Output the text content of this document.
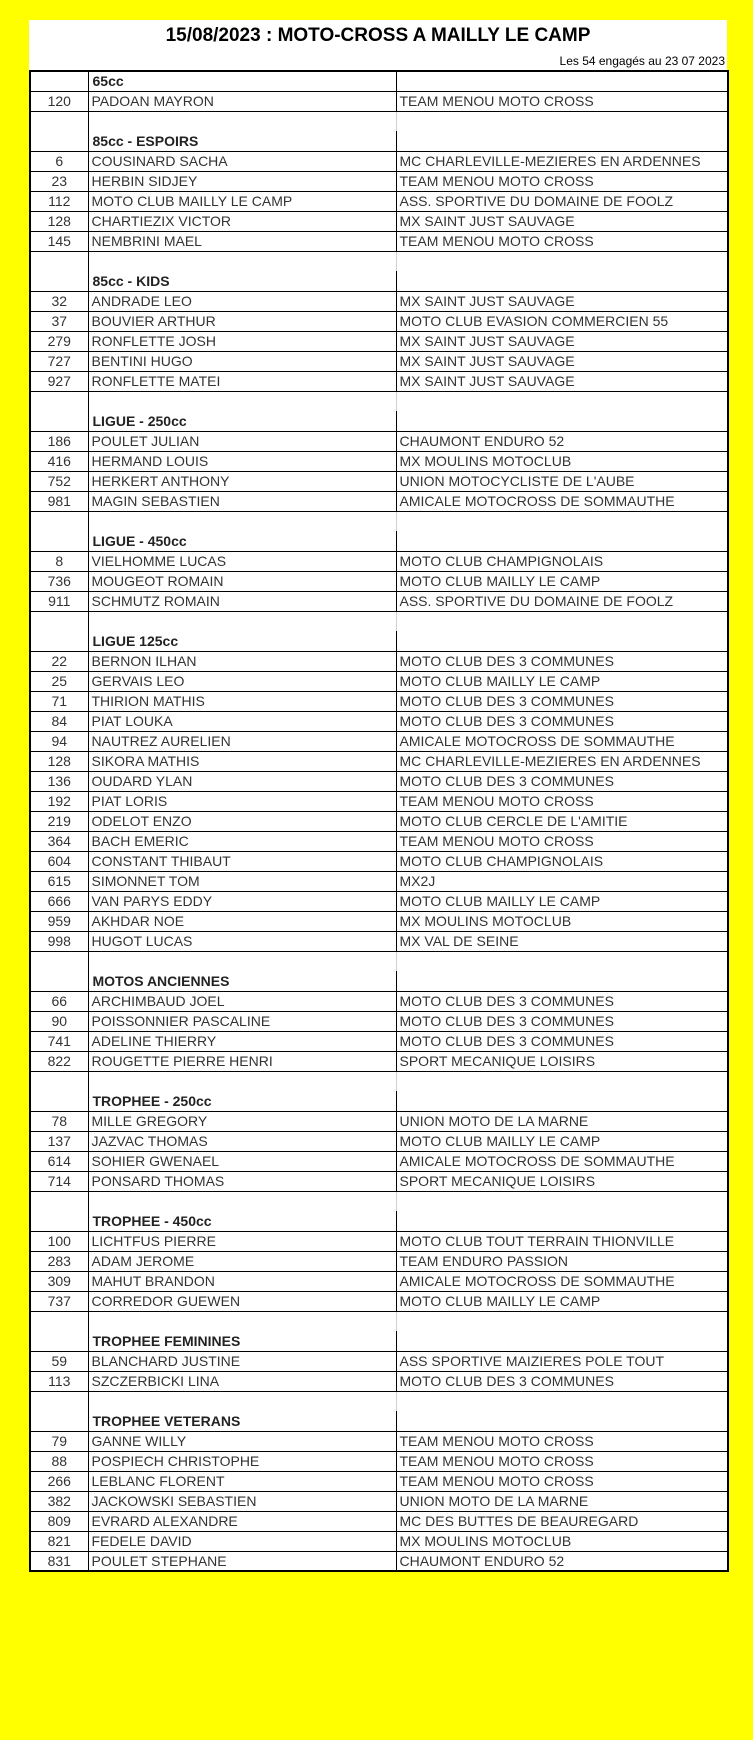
15/08/2023 : MOTO-CROSS A MAILLY LE CAMP
Les 54 engagés au 23 07 2023
	65cc	
120	PADOAN MAYRON	TEAM MENOU MOTO CROSS

	85cc - ESPOIRS	
6	COUSINARD SACHA	MC CHARLEVILLE-MEZIERES EN ARDENNES
23	HERBIN SIDJEY	TEAM MENOU MOTO CROSS
112	MOTO CLUB MAILLY LE CAMP	ASS. SPORTIVE DU DOMAINE DE FOOLZ
128	CHARTIEZIX VICTOR	MX SAINT JUST SAUVAGE
145	NEMBRINI MAEL	TEAM MENOU MOTO CROSS

	85cc - KIDS	
32	ANDRADE LEO	MX SAINT JUST SAUVAGE
37	BOUVIER ARTHUR	MOTO CLUB EVASION COMMERCIEN 55
279	RONFLETTE JOSH	MX SAINT JUST SAUVAGE
727	BENTINI HUGO	MX SAINT JUST SAUVAGE
927	RONFLETTE MATEI	MX SAINT JUST SAUVAGE

	LIGUE - 250cc	
186	POULET JULIAN	CHAUMONT ENDURO 52
416	HERMAND LOUIS	MX MOULINS MOTOCLUB
752	HERKERT ANTHONY	UNION MOTOCYCLISTE DE L'AUBE
981	MAGIN SEBASTIEN	AMICALE MOTOCROSS DE SOMMAUTHE

	LIGUE - 450cc	
8	VIELHOMME LUCAS	MOTO CLUB CHAMPIGNOLAIS
736	MOUGEOT ROMAIN	MOTO CLUB MAILLY LE CAMP
911	SCHMUTZ ROMAIN	ASS. SPORTIVE DU DOMAINE DE FOOLZ

	LIGUE 125cc	
22	BERNON ILHAN	MOTO CLUB DES 3 COMMUNES
25	GERVAIS LEO	MOTO CLUB MAILLY LE CAMP
71	THIRION MATHIS	MOTO CLUB DES 3 COMMUNES
84	PIAT LOUKA	MOTO CLUB DES 3 COMMUNES
94	NAUTREZ AURELIEN	AMICALE MOTOCROSS DE SOMMAUTHE
128	SIKORA MATHIS	MC CHARLEVILLE-MEZIERES EN ARDENNES
136	OUDARD YLAN	MOTO CLUB DES 3 COMMUNES
192	PIAT LORIS	TEAM MENOU MOTO CROSS
219	ODELOT ENZO	MOTO CLUB CERCLE DE L'AMITIE
364	BACH EMERIC	TEAM MENOU MOTO CROSS
604	CONSTANT THIBAUT	MOTO CLUB CHAMPIGNOLAIS
615	SIMONNET TOM	MX2J
666	VAN PARYS EDDY	MOTO CLUB MAILLY LE CAMP
959	AKHDAR NOE	MX MOULINS MOTOCLUB
998	HUGOT LUCAS	MX VAL DE SEINE

	MOTOS ANCIENNES	
66	ARCHIMBAUD JOEL	MOTO CLUB DES 3 COMMUNES
90	POISSONNIER PASCALINE	MOTO CLUB DES 3 COMMUNES
741	ADELINE THIERRY	MOTO CLUB DES 3 COMMUNES
822	ROUGETTE PIERRE HENRI	SPORT MECANIQUE LOISIRS

	TROPHEE - 250cc	
78	MILLE GREGORY	UNION MOTO DE LA MARNE
137	JAZVAC THOMAS	MOTO CLUB MAILLY LE CAMP
614	SOHIER GWENAEL	AMICALE MOTOCROSS DE SOMMAUTHE
714	PONSARD THOMAS	SPORT MECANIQUE LOISIRS

	TROPHEE - 450cc	
100	LICHTFUS PIERRE	MOTO CLUB TOUT TERRAIN THIONVILLE
283	ADAM JEROME	TEAM ENDURO PASSION
309	MAHUT BRANDON	AMICALE MOTOCROSS DE SOMMAUTHE
737	CORREDOR GUEWEN	MOTO CLUB MAILLY LE CAMP

	TROPHEE FEMININES	
59	BLANCHARD JUSTINE	ASS SPORTIVE MAIZIERES POLE TOUT
113	SZCZERBICKI LINA	MOTO CLUB DES 3 COMMUNES

	TROPHEE VETERANS	
79	GANNE WILLY	TEAM MENOU MOTO CROSS
88	POSPIECH CHRISTOPHE	TEAM MENOU MOTO CROSS
266	LEBLANC FLORENT	TEAM MENOU MOTO CROSS
382	JACKOWSKI SEBASTIEN	UNION MOTO DE LA MARNE
809	EVRARD ALEXANDRE	MC DES BUTTES DE BEAUREGARD
821	FEDELE DAVID	MX MOULINS MOTOCLUB
831	POULET STEPHANE	CHAUMONT ENDURO 52
